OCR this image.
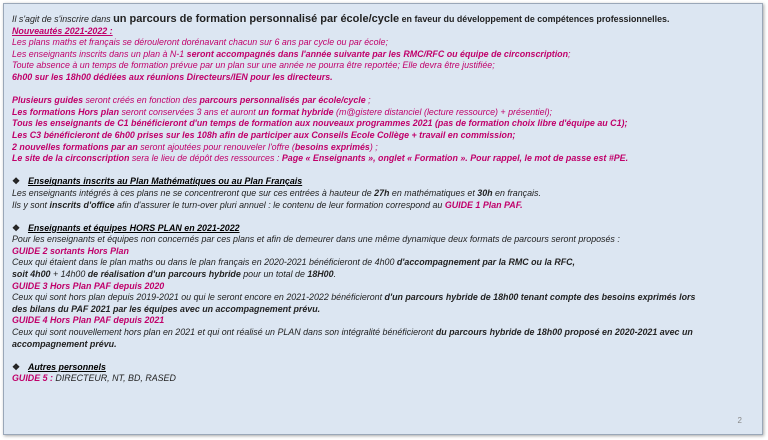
Il s'agit de s'inscrire dans un parcours de formation personnalisé par école/cycle en faveur du développement de compétences professionnelles.
Nouveautés 2021-2022 :
Les plans maths et français se dérouleront dorénavant chacun sur 6 ans par cycle ou par école;
Les enseignants inscrits dans un plan à N-1 seront accompagnés dans l'année suivante par les RMC/RFC ou équipe de circonscription;
Toute absence à un temps de formation prévue par un plan sur une année ne pourra être reportée; Elle devra être justifiée;
6h00 sur les 18h00 dédiées aux réunions Directeurs/IEN pour les directeurs.
Plusieurs guides seront créés en fonction des parcours personnalisés par école/cycle ;
Les formations Hors plan seront conservées 3 ans et auront un format hybride (m@gistere distanciel (lecture ressource) + présentiel);
Tous les enseignants de C1 bénéficieront d'un temps de formation aux nouveaux programmes 2021 (pas de formation choix libre d'équipe au C1);
Les C3 bénéficieront de 6h00 prises sur les 108h afin de participer aux Conseils Ecole Collège + travail en commission;
2 nouvelles formations par an seront ajoutées pour renouveler l'offre (besoins exprimés) ;
Le site de la circonscription sera le lieu de dépôt des ressources : Page « Enseignants », onglet « Formation ». Pour rappel, le mot de passe est #PE.
❖ Enseignants inscrits au Plan Mathématiques ou au Plan Français
Les enseignants intégrés à ces plans ne se concentreront que sur ces entrées à hauteur de 27h en mathématiques et 30h en français.
Ils y sont inscrits d'office afin d'assurer le turn-over pluri annuel : le contenu de leur formation correspond au GUIDE 1 Plan PAF.
❖ Enseignants et équipes HORS PLAN en 2021-2022
Pour les enseignants et équipes non concernés par ces plans et afin de demeurer dans une même dynamique deux formats de parcours seront proposés :
GUIDE 2 sortants Hors Plan
Ceux qui étaient dans le plan maths ou dans le plan français en 2020-2021 bénéficieront de 4h00 d'accompagnement par la RMC ou la RFC,
soit 4h00 + 14h00 de réalisation d'un parcours hybride pour un total de 18H00.
GUIDE 3 Hors Plan PAF depuis 2020
Ceux qui sont hors plan depuis 2019-2021 ou qui le seront encore en 2021-2022 bénéficieront d'un parcours hybride de 18h00 tenant compte des besoins exprimés lors
des bilans du PAF 2021 par les équipes avec un accompagnement prévu.
GUIDE 4 Hors Plan PAF depuis 2021
Ceux qui sont nouvellement hors plan en 2021 et qui ont réalisé un PLAN dans son intégralité bénéficieront du parcours hybride de 18h00 proposé en 2020-2021 avec un
accompagnement prévu.
❖ Autres personnels
GUIDE 5 : DIRECTEUR, NT, BD, RASED
2
